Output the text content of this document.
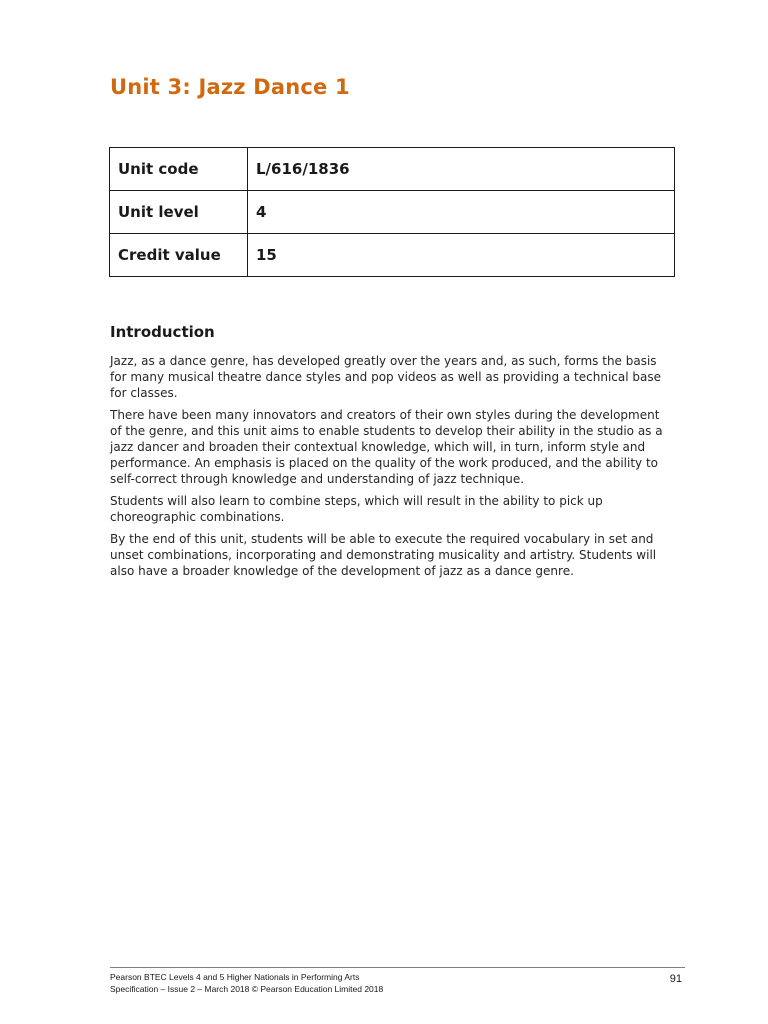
Unit 3: Jazz Dance 1
Unit code	L/616/1836
Unit level	4
Credit value	15
Introduction

Jazz, as a dance genre, has developed greatly over the years and, as such, forms the basis for many musical theatre dance styles and pop videos as well as providing a technical base for classes.

There have been many innovators and creators of their own styles during the development of the genre, and this unit aims to enable students to develop their ability in the studio as a jazz dancer and broaden their contextual knowledge, which will, in turn, inform style and performance. An emphasis is placed on the quality of the work produced, and the ability to self-correct through knowledge and understanding of jazz technique.

Students will also learn to combine steps, which will result in the ability to pick up choreographic combinations.

By the end of this unit, students will be able to execute the required vocabulary in set and unset combinations, incorporating and demonstrating musicality and artistry. Students will also have a broader knowledge of the development of jazz as a dance genre.

Pearson BTEC Levels 4 and 5 Higher Nationals in Performing Arts
Specification – Issue 2 – March 2018 © Pearson Education Limited 2018
91
